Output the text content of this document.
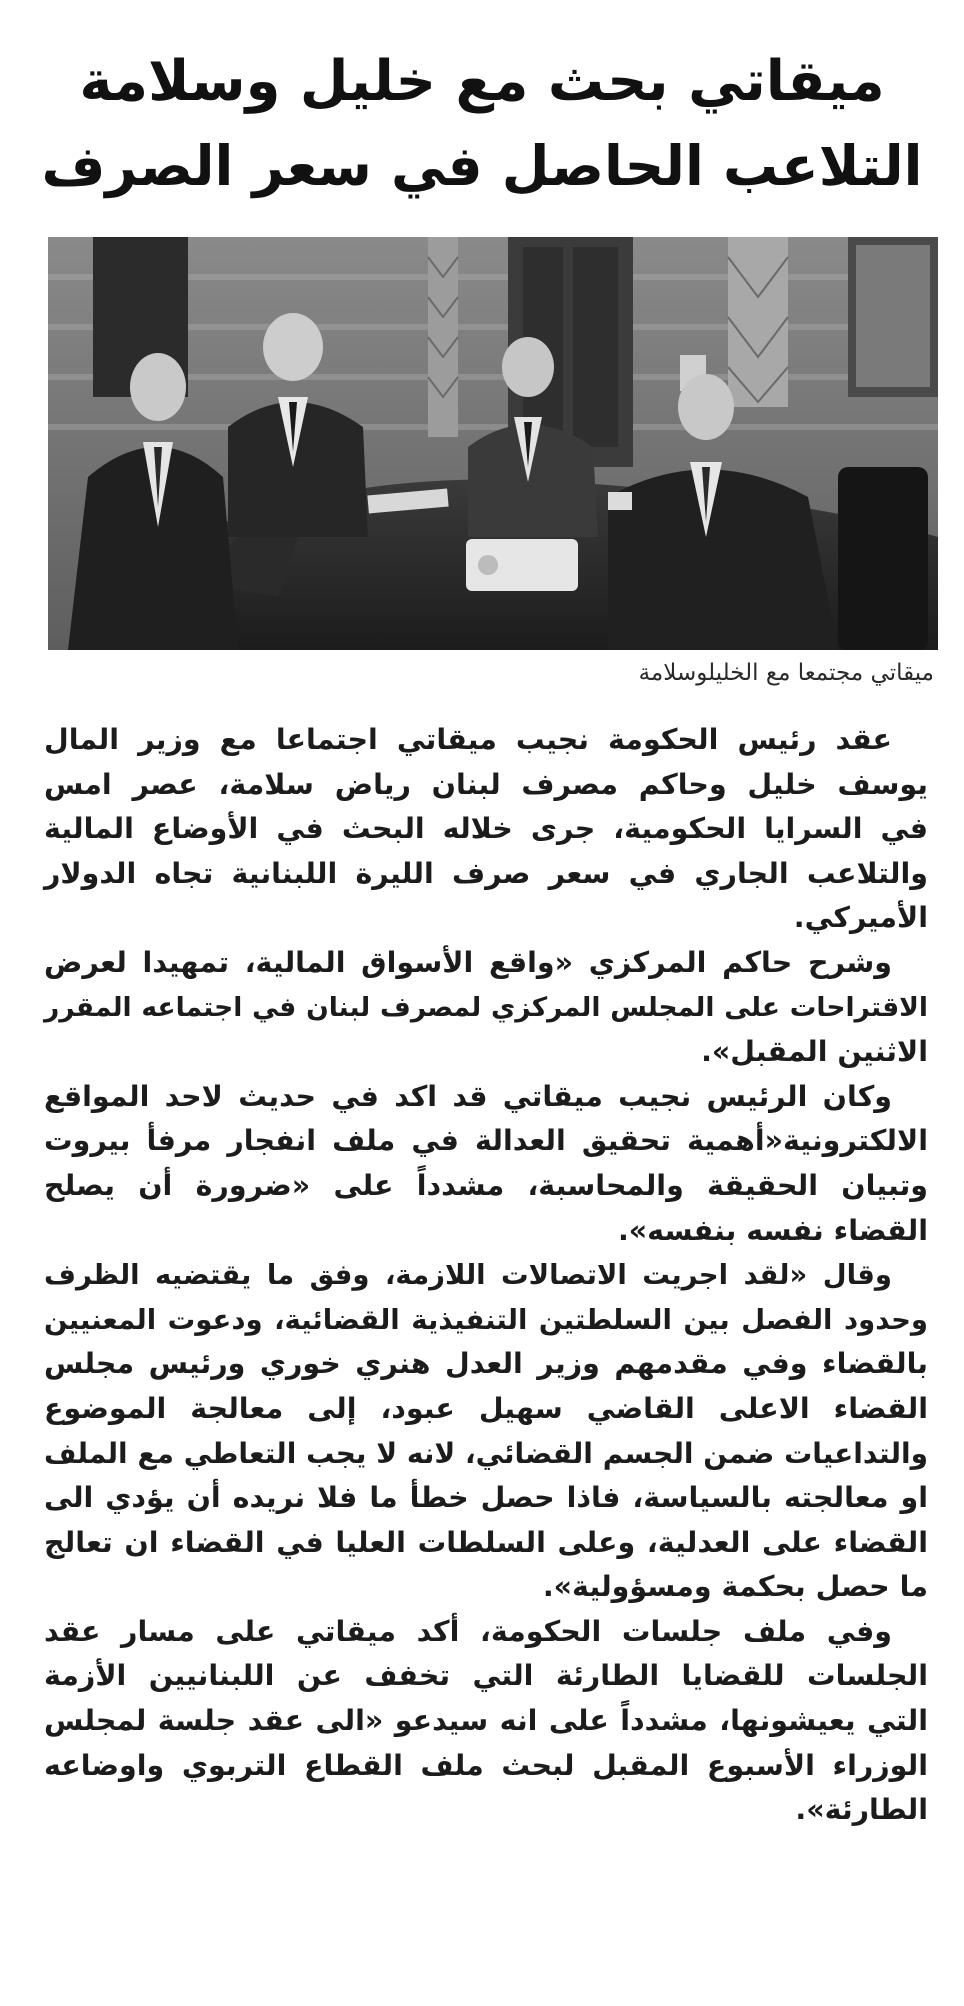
ميقاتي بحث مع خليل وسلامة
التلاعب الحاصل في سعر الصرف
ميقاتي مجتمعا مع الخليلوسلامة

عقد رئيس الحكومة نجيب ميقاتي اجتماعا مع وزير المال
يوسف خليل وحاكم مصرف لبنان رياض سلامة، عصر امس
في السرايا الحكومية، جرى خلاله البحث في الأوضاع المالية
والتلاعب الجاري في سعر صرف الليرة اللبنانية تجاه الدولار
الأميركي.

وشرح حاكم المركزي «واقع الأسواق المالية، تمهيدا لعرض
الاقتراحات على المجلس المركزي لمصرف لبنان في اجتماعه المقرر
الاثنين المقبل».

وكان الرئيس نجيب ميقاتي قد اكد في حديث لاحد المواقع
الالكترونية«أهمية تحقيق العدالة في ملف انفجار مرفأ بيروت
وتبيان الحقيقة والمحاسبة، مشدداً على «ضرورة أن يصلح
القضاء نفسه بنفسه».

وقال «لقد اجريت الاتصالات اللازمة، وفق ما يقتضيه الظرف
وحدود الفصل بين السلطتين التنفيذية القضائية، ودعوت المعنيين
بالقضاء وفي مقدمهم وزير العدل هنري خوري ورئيس مجلس
القضاء الاعلى القاضي سهيل عبود، إلى معالجة الموضوع
والتداعيات ضمن الجسم القضائي، لانه لا يجب التعاطي مع الملف
او معالجته بالسياسة، فاذا حصل خطأ ما فلا نريده أن يؤدي الى
القضاء على العدلية، وعلى السلطات العليا في القضاء ان تعالج
ما حصل بحكمة ومسؤولية».

وفي ملف جلسات الحكومة، أكد ميقاتي على مسار عقد
الجلسات للقضايا الطارئة التي تخفف عن اللبنانيين الأزمة
التي يعيشونها، مشدداً على انه سيدعو «الى عقد جلسة لمجلس
الوزراء الأسبوع المقبل لبحث ملف القطاع التربوي واوضاعه
الطارئة».
